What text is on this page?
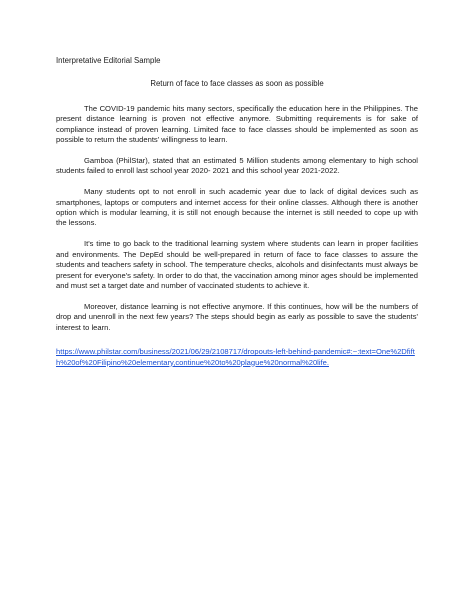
Interpretative Editorial Sample

Return of face to face classes as soon as possible

The COVID-19 pandemic hits many sectors, specifically the education here in the Philippines. The present distance learning is proven not effective anymore. Submitting requirements is for sake of compliance instead of proven learning. Limited face to face classes should be implemented as soon as possible to return the students' willingness to learn.

Gamboa (PhilStar), stated that an estimated 5 Million students among elementary to high school students failed to enroll last school year 2020- 2021 and this school year 2021-2022.

Many students opt to not enroll in such academic year due to lack of digital devices such as smartphones, laptops or computers and internet access for their online classes. Although there is another option which is modular learning, it is still not enough because the internet is still needed to cope up with the lessons.

It's time to go back to the traditional learning system where students can learn in proper facilities and environments. The DepEd should be well-prepared in return of face to face classes to assure the students and teachers safety in school. The temperature checks, alcohols and disinfectants must always be present for everyone's safety. In order to do that, the vaccination among minor ages should be implemented and must set a target date and number of vaccinated students to achieve it.

Moreover, distance learning is not effective anymore. If this continues, how will be the numbers of drop and unenroll in the next few years? The steps should begin as early as possible to save the students' interest to learn.

https://www.philstar.com/business/2021/06/29/2108717/dropouts-left-behind-pandemic#:~:text=One%2Dfifth%20of%20Filipino%20elementary,continue%20to%20plague%20normal%20life.
